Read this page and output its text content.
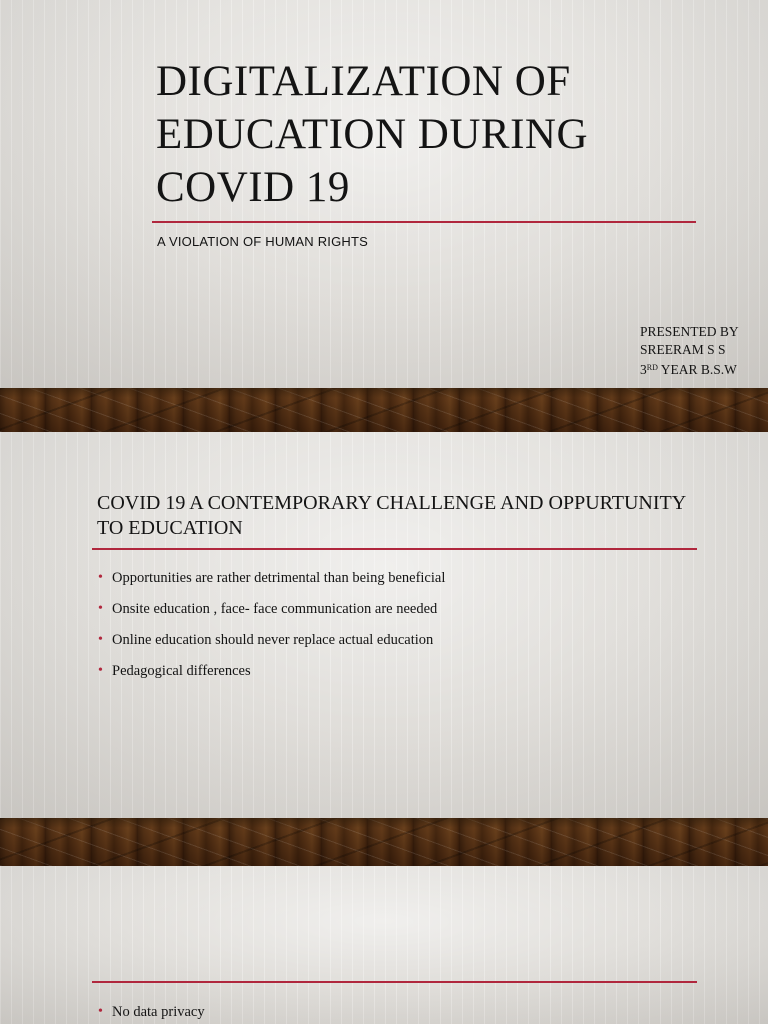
DIGITALIZATION OF EDUCATION DURING COVID 19

A VIOLATION OF HUMAN RIGHTS

PRESENTED BY
SREERAM S S
3RD YEAR B.S.W
COVID 19 A CONTEMPORARY CHALLENGE AND OPPURTUNITY TO EDUCATION
• Opportunities are rather detrimental than being beneficial
• Onsite education , face- face communication are needed
• Online education should never replace actual education
• Pedagogical differences
• No data privacy
